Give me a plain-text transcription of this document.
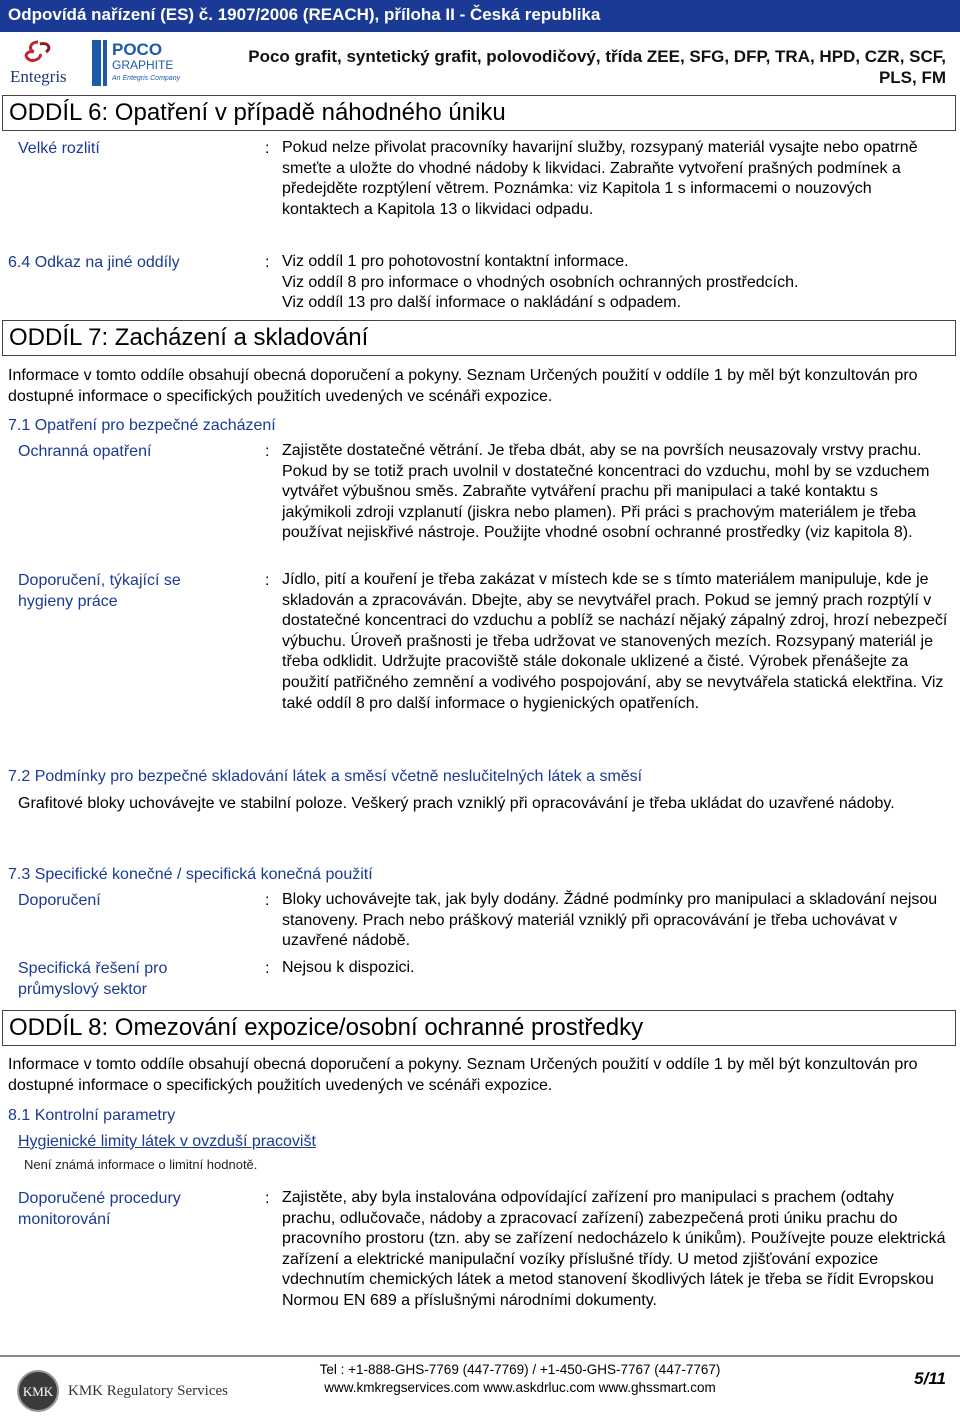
Odpovídá nařízení (ES) č. 1907/2006 (REACH), příloha II - Česká republika
Entegris
POCO
GRAPHITE
An Entegris Company
Poco grafit, syntetický grafit, polovodičový, třída ZEE, SFG, DFP, TRA, HPD, CZR, SCF, PLS, FM
ODDÍL 6: Opatření v případě náhodného úniku
Velké rozlití	: Pokud nelze přivolat pracovníky havarijní služby, rozsypaný materiál vysajte nebo opatrně smeťte a uložte do vhodné nádoby k likvidaci. Zabraňte vytvoření prašných podmínek a předejděte rozptýlení větrem. Poznámka: viz Kapitola 1 s informacemi o nouzových kontaktech a Kapitola 13 o likvidaci odpadu.
6.4 Odkaz na jiné oddíly	: Viz oddíl 1 pro pohotovostní kontaktní informace.
Viz oddíl 8 pro informace o vhodných osobních ochranných prostředcích.
Viz oddíl 13 pro další informace o nakládání s odpadem.
ODDÍL 7: Zacházení a skladování
Informace v tomto oddíle obsahují obecná doporučení a pokyny. Seznam Určených použití v oddíle 1 by měl být konzultován pro dostupné informace o specifických použitích uvedených ve scénáři expozice.
7.1 Opatření pro bezpečné zacházení
Ochranná opatření	: Zajistěte dostatečné větrání. Je třeba dbát, aby se na površích neusazovaly vrstvy prachu. Pokud by se totiž prach uvolnil v dostatečné koncentraci do vzduchu, mohl by se vzduchem vytvářet výbušnou směs. Zabraňte vytváření prachu při manipulaci a také kontaktu s jakýmikoli zdroji vzplanutí (jiskra nebo plamen). Při práci s prachovým materiálem je třeba používat nejiskřivé nástroje. Použijte vhodné osobní ochranné prostředky (viz kapitola 8).
Doporučení, týkající se hygieny práce
: Jídlo, pití a kouření je třeba zakázat v místech kde se s tímto materiálem manipuluje, kde je skladován a zpracováván. Dbejte, aby se nevytvářel prach. Pokud se jemný prach rozptýlí v dostatečné koncentraci do vzduchu a poblíž se nachází nějaký zápalný zdroj, hrozí nebezpečí výbuchu. Úroveň prašnosti je třeba udržovat ve stanovených mezích. Rozsypaný materiál je třeba odklidit. Udržujte pracoviště stále dokonale uklizené a čisté. Výrobek přenášejte za použití patřičného zemnění a vodivého pospojování, aby se nevytvářela statická elektřina. Viz také oddíl 8 pro další informace o hygienických opatřeních.
7.2 Podmínky pro bezpečné skladování látek a směsí včetně neslučitelných látek a směsí
Grafitové bloky uchovávejte ve stabilní poloze. Veškerý prach vzniklý při opracovávání je třeba ukládat do uzavřené nádoby.
7.3 Specifické konečné / specifická konečná použití
Doporučení	: Bloky uchovávejte tak, jak byly dodány. Žádné podmínky pro manipulaci a skladování nejsou stanoveny. Prach nebo práškový materiál vzniklý při opracovávání je třeba uchovávat v uzavřené nádobě.
Specifická řešení pro průmyslový sektor
: Nejsou k dispozici.
ODDÍL 8: Omezování expozice/osobní ochranné prostředky
Informace v tomto oddíle obsahují obecná doporučení a pokyny. Seznam Určených použití v oddíle 1 by měl být konzultován pro dostupné informace o specifických použitích uvedených ve scénáři expozice.
8.1 Kontrolní parametry
Hygienické limity látek v ovzduší pracovišt
Není známá informace o limitní hodnotě.
Doporučené procedury monitorování
: Zajistěte, aby byla instalována odpovídající zařízení pro manipulaci s prachem (odtahy prachu, odlučovače, nádoby a zpracovací zařízení) zabezpečená proti úniku prachu do pracovního prostoru (tzn. aby se zařízení nedocházelo k únikům). Používejte pouze elektrická zařízení a elektrické manipulační vozíky příslušné třídy. U metod zjišťování expozice vdechnutím chemických látek a metod stanovení škodlivých látek je třeba se řídit Evropskou Normou EN 689 a příslušnými národními dokumenty.
KMK KMK Regulatory Services
Tel : +1-888-GHS-7769 (447-7769) / +1-450-GHS-7767 (447-7767)
www.kmkregservices.com www.askdrluc.com www.ghssmart.com	5/11
